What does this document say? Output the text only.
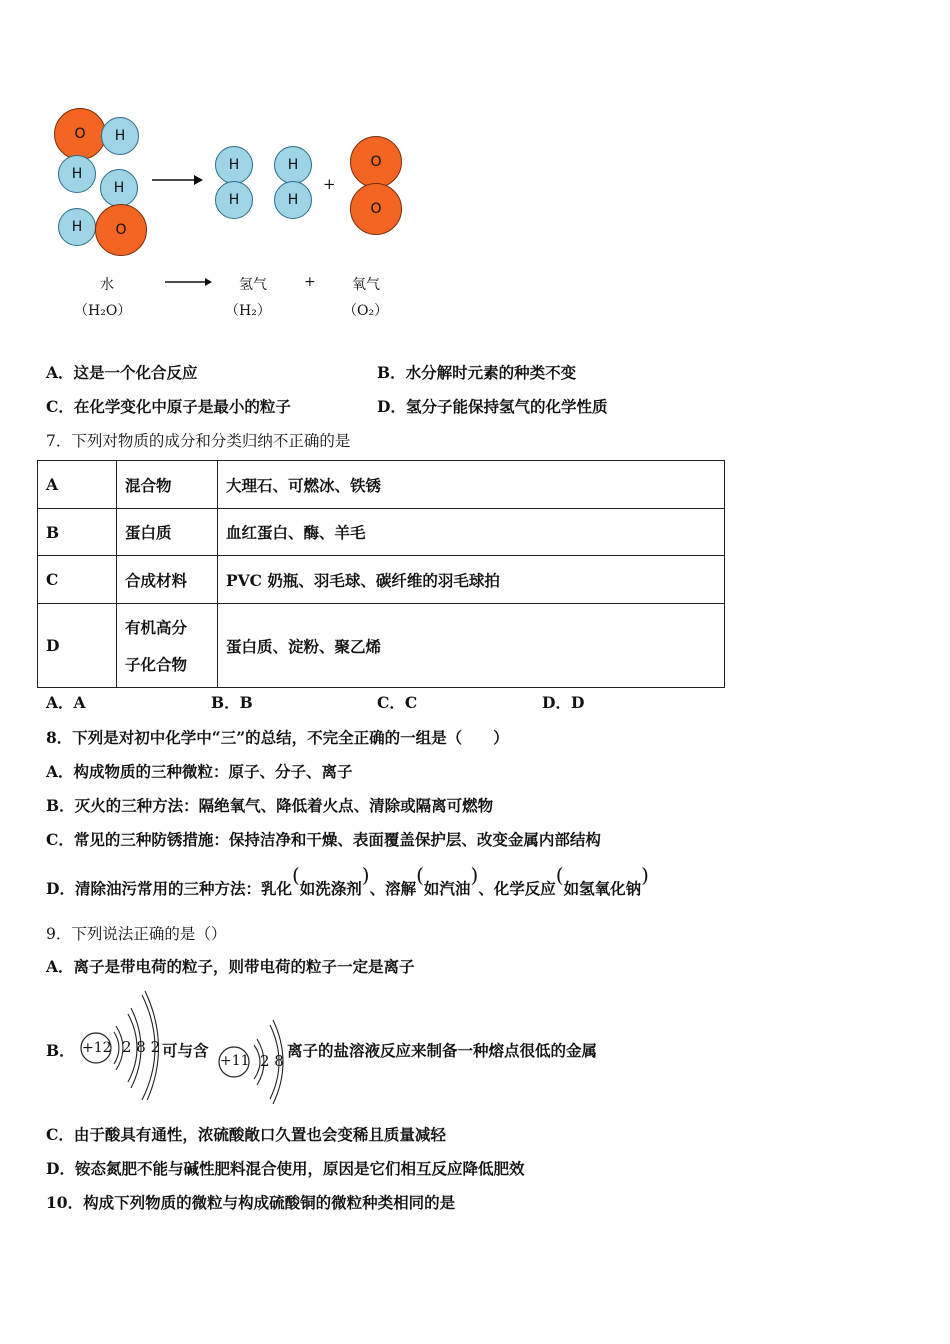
O	H
H
H
H	O
H
H
H
H
+
O
O
水	氢气	+	氧气
（H₂O）	（H₂）	（O₂）
A．这是一个化合反应	B．水分解时元素的种类不变
C．在化学变化中原子是最小的粒子	D．氢分子能保持氢气的化学性质
7．下列对物质的成分和分类归纳不正确的是
A	混合物	大理石、可燃冰、铁锈
B	蛋白质	血红蛋白、酶、羊毛
C	合成材料	PVC 奶瓶、羽毛球、碳纤维的羽毛球拍
D	有机高分
子化合物	蛋白质、淀粉、聚乙烯
A．A	B．B	C．C	D．D
8．下列是对初中化学中“三”的总结，不完全正确的一组是（　　）
A．构成物质的三种微粒：原子、分子、离子
B．灭火的三种方法：隔绝氧气、降低着火点、清除或隔离可燃物
C．常见的三种防锈措施：保持洁净和干燥、表面覆盖保护层、改变金属内部结构
D．清除油污常用的三种方法：乳化(如洗涤剂)、溶解(如汽油)、化学反应(如氢氧化钠)
9．下列说法正确的是（）
A．离子是带电荷的粒子，则带电荷的粒子一定是离子
B． +12 2 8 2 可与含
+11 2 8
离子的盐溶液反应来制备一种熔点很低的金属
C．由于酸具有通性，浓硫酸敞口久置也会变稀且质量减轻
D．铵态氮肥不能与碱性肥料混合使用，原因是它们相互反应降低肥效
10．构成下列物质的微粒与构成硫酸铜的微粒种类相同的是
